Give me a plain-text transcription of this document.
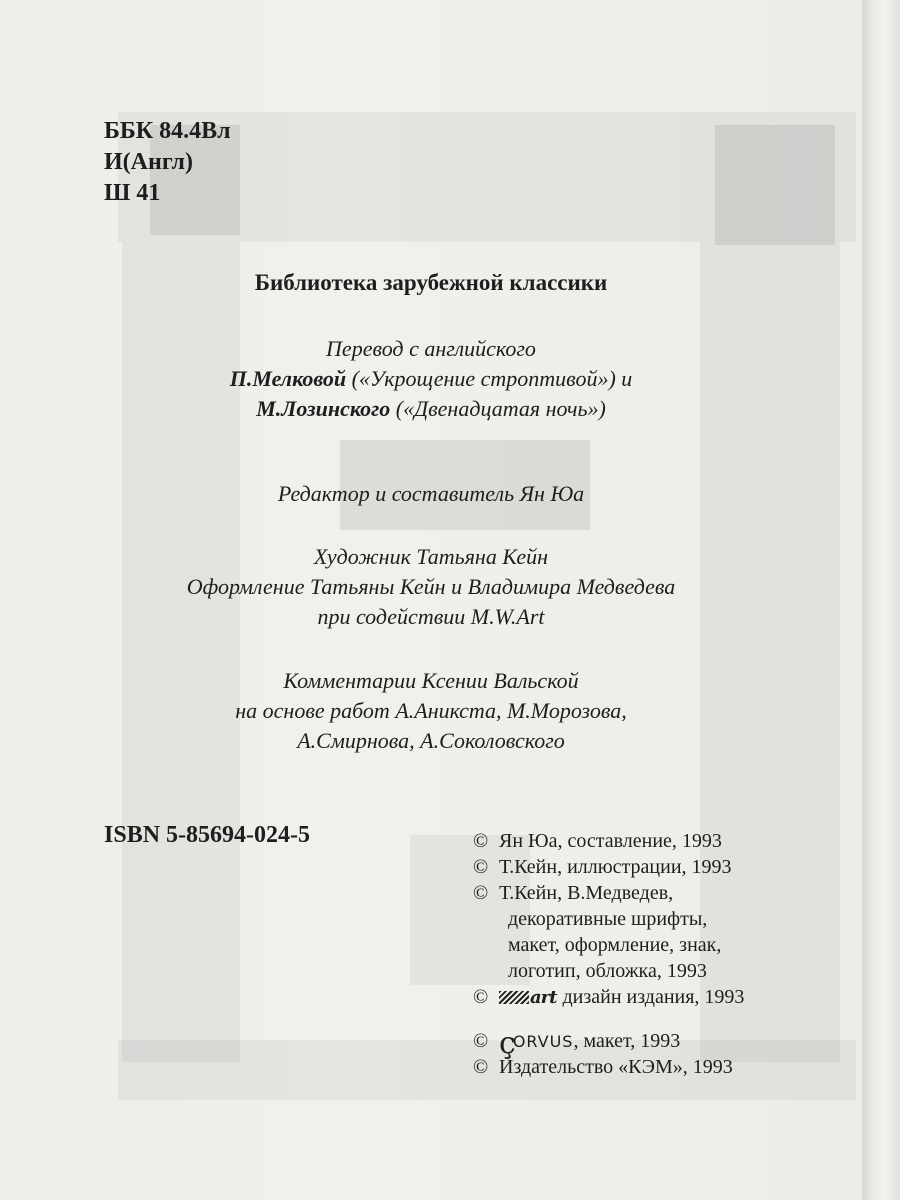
ББК 84.4Вл
И(Англ)
Ш 41
Библиотека зарубежной классики
Перевод с английского
П.Мелковой («Укрощение строптивой») и
М.Лозинского («Двенадцатая ночь»)
Редактор и составитель Ян Юа
Художник Татьяна Кейн
Оформление Татьяны Кейн и Владимира Медведева
при содействии M.W.Art
Комментарии Ксении Вальской
на основе работ А.Аникста, М.Морозова,
А.Смирнова, А.Соколовского
ISBN 5-85694-024-5	© Ян Юа, составление, 1993
© Т.Кейн, иллюстрации, 1993
© Т.Кейн, В.Медведев,
декоративные шрифты,
макет, оформление, знак,
логотип, обложка, 1993
© art дизайн издания, 1993
© çORVUS, макет, 1993
© Издательство «КЭМ», 1993
